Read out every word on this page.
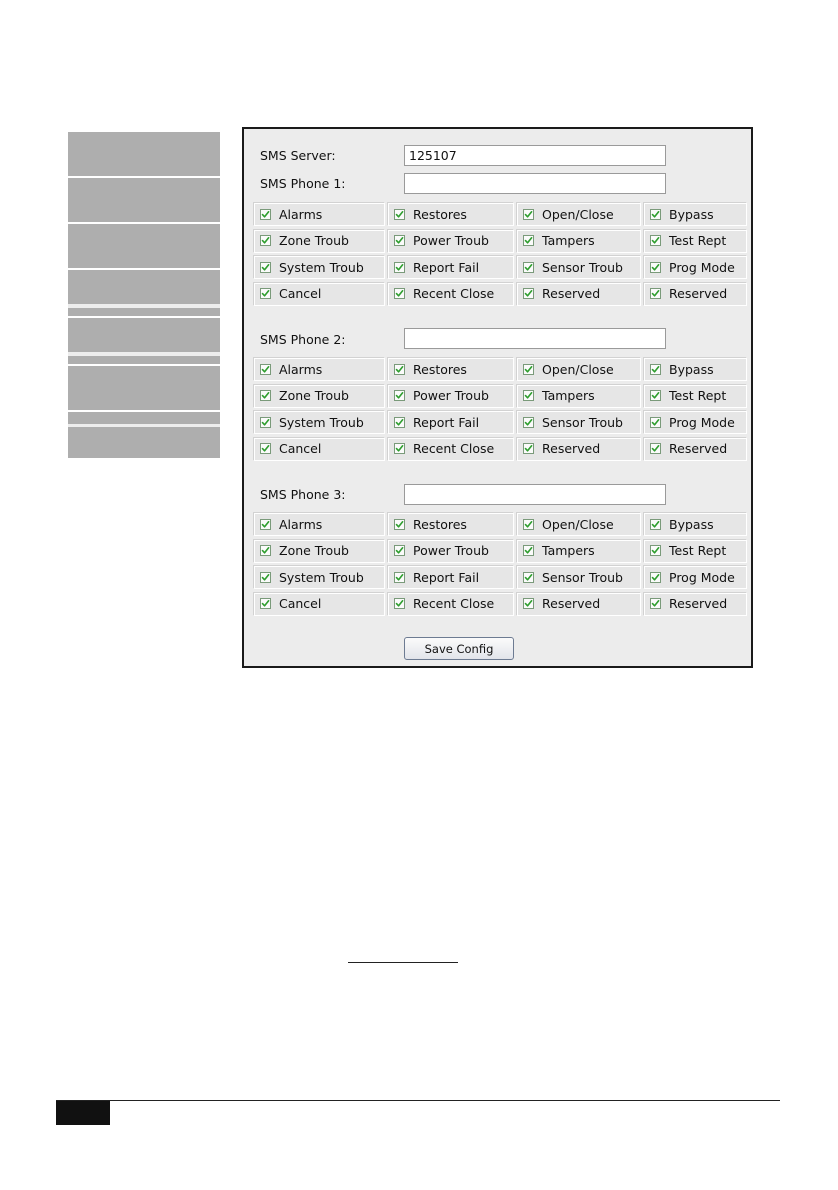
SMS Server:
125107
SMS Phone 1:
Alarms	Restores	Open/Close	Bypass
Zone Troub	Power Troub	Tampers	Test Rept
System Troub	Report Fail	Sensor Troub	Prog Mode
Cancel	Recent Close	Reserved	Reserved
SMS Phone 2:
Alarms	Restores	Open/Close	Bypass
Zone Troub	Power Troub	Tampers	Test Rept
System Troub	Report Fail	Sensor Troub	Prog Mode
Cancel	Recent Close	Reserved	Reserved
SMS Phone 3:
Alarms	Restores	Open/Close	Bypass
Zone Troub	Power Troub	Tampers	Test Rept
System Troub	Report Fail	Sensor Troub	Prog Mode
Cancel	Recent Close	Reserved	Reserved
Save Config
